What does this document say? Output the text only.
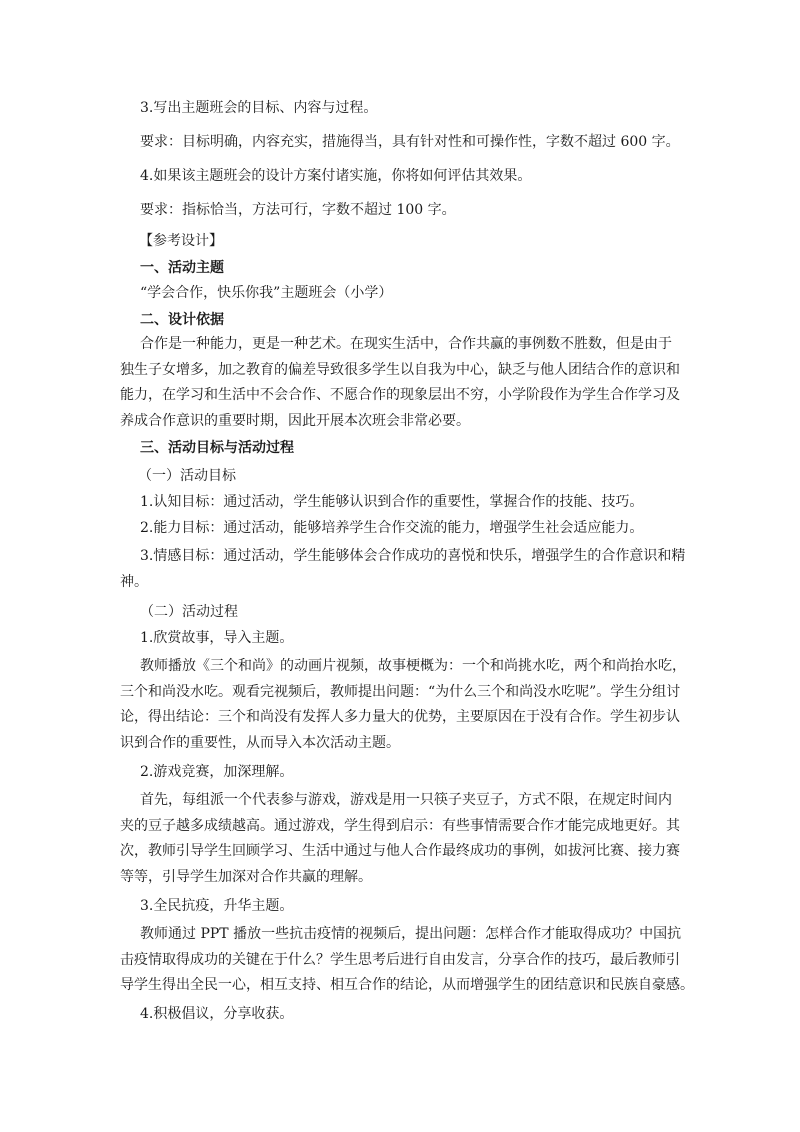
3.写出主题班会的目标、内容与过程。

要求：目标明确，内容充实，措施得当，具有针对性和可操作性，字数不超过 600 字。

4.如果该主题班会的设计方案付诸实施，你将如何评估其效果。

要求：指标恰当，方法可行，字数不超过 100 字。

【参考设计】

一、活动主题

“学会合作，快乐你我”主题班会（小学）

二、设计依据

合作是一种能力，更是一种艺术。在现实生活中，合作共赢的事例数不胜数，但是由于

独生子女增多，加之教育的偏差导致很多学生以自我为中心，缺乏与他人团结合作的意识和

能力，在学习和生活中不会合作、不愿合作的现象层出不穷，小学阶段作为学生合作学习及

养成合作意识的重要时期，因此开展本次班会非常必要。

三、活动目标与活动过程

（一）活动目标

1.认知目标：通过活动，学生能够认识到合作的重要性，掌握合作的技能、技巧。

2.能力目标：通过活动，能够培养学生合作交流的能力，增强学生社会适应能力。

3.情感目标：通过活动，学生能够体会合作成功的喜悦和快乐，增强学生的合作意识和精

神。

（二）活动过程

1.欣赏故事，导入主题。

教师播放《三个和尚》的动画片视频，故事梗概为：一个和尚挑水吃，两个和尚抬水吃，

三个和尚没水吃。观看完视频后，教师提出问题：“为什么三个和尚没水吃呢”。学生分组讨

论，得出结论：三个和尚没有发挥人多力量大的优势，主要原因在于没有合作。学生初步认

识到合作的重要性，从而导入本次活动主题。

2.游戏竞赛，加深理解。

首先，每组派一个代表参与游戏，游戏是用一只筷子夹豆子，方式不限，在规定时间内

夹的豆子越多成绩越高。通过游戏，学生得到启示：有些事情需要合作才能完成地更好。其

次，教师引导学生回顾学习、生活中通过与他人合作最终成功的事例，如拔河比赛、接力赛

等等，引导学生加深对合作共赢的理解。

3.全民抗疫，升华主题。

教师通过 PPT 播放一些抗击疫情的视频后，提出问题：怎样合作才能取得成功？中国抗

击疫情取得成功的关键在于什么？学生思考后进行自由发言，分享合作的技巧，最后教师引

导学生得出全民一心，相互支持、相互合作的结论，从而增强学生的团结意识和民族自豪感。

4.积极倡议，分享收获。
